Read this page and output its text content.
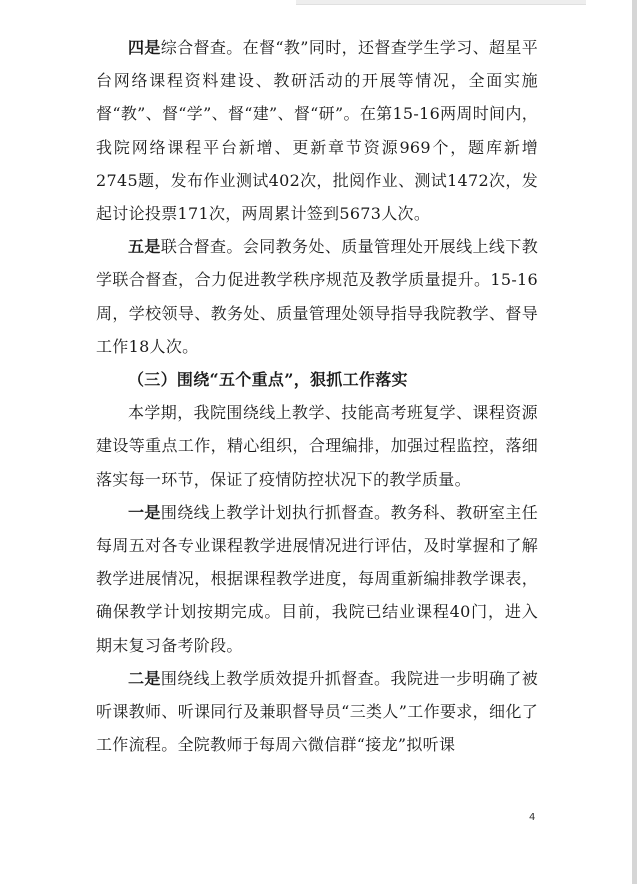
四是综合督查。在督“教”同时，还督查学生学习、超星平台网络课程资料建设、教研活动的开展等情况，全面实施督“教”、督“学”、督“建”、督“研”。在第15-16两周时间内，我院网络课程平台新增、更新章节资源969个，题库新增2745题，发布作业测试402次，批阅作业、测试1472次，发起讨论投票171次，两周累计签到5673人次。

五是联合督查。会同教务处、质量管理处开展线上线下教学联合督查，合力促进教学秩序规范及教学质量提升。15-16周，学校领导、教务处、质量管理处领导指导我院教学、督导工作18人次。

（三）围绕“五个重点”，狠抓工作落实

本学期，我院围绕线上教学、技能高考班复学、课程资源建设等重点工作，精心组织，合理编排，加强过程监控，落细落实每一环节，保证了疫情防控状况下的教学质量。

一是围绕线上教学计划执行抓督查。教务科、教研室主任每周五对各专业课程教学进展情况进行评估，及时掌握和了解教学进展情况，根据课程教学进度，每周重新编排教学课表，确保教学计划按期完成。目前，我院已结业课程40门，进入期末复习备考阶段。

二是围绕线上教学质效提升抓督查。我院进一步明确了被听课教师、听课同行及兼职督导员“三类人”工作要求，细化了工作流程。全院教师于每周六微信群“接龙”拟听课

4
